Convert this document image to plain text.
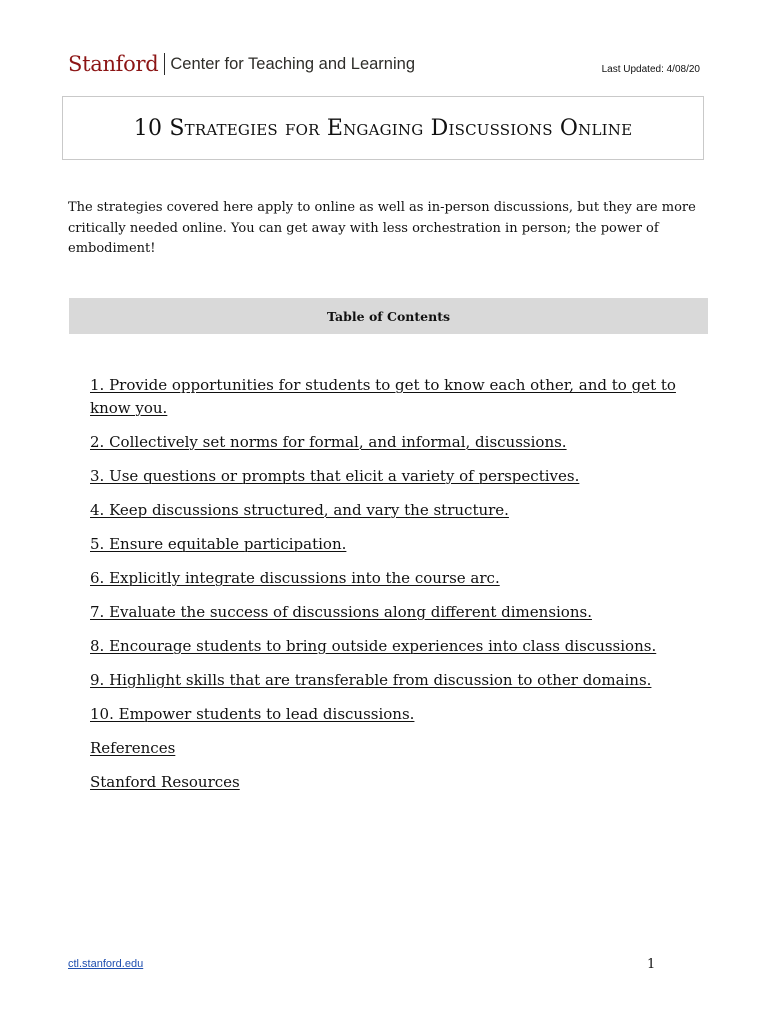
Stanford Center for Teaching and Learning	Last Updated: 4/08/20
10 Strategies for Engaging Discussions Online

The strategies covered here apply to online as well as in-person discussions, but they are more critically needed online. You can get away with less orchestration in person; the power of embodiment!

Table of Contents
1. Provide opportunities for students to get to know each other, and to get to know you.
2. Collectively set norms for formal, and informal, discussions.
3. Use questions or prompts that elicit a variety of perspectives.
4. Keep discussions structured, and vary the structure.
5. Ensure equitable participation.
6. Explicitly integrate discussions into the course arc.
7. Evaluate the success of discussions along different dimensions.
8. Encourage students to bring outside experiences into class discussions.
9. Highlight skills that are transferable from discussion to other domains.
10. Empower students to lead discussions.
References
Stanford Resources
ctl.stanford.edu	1
